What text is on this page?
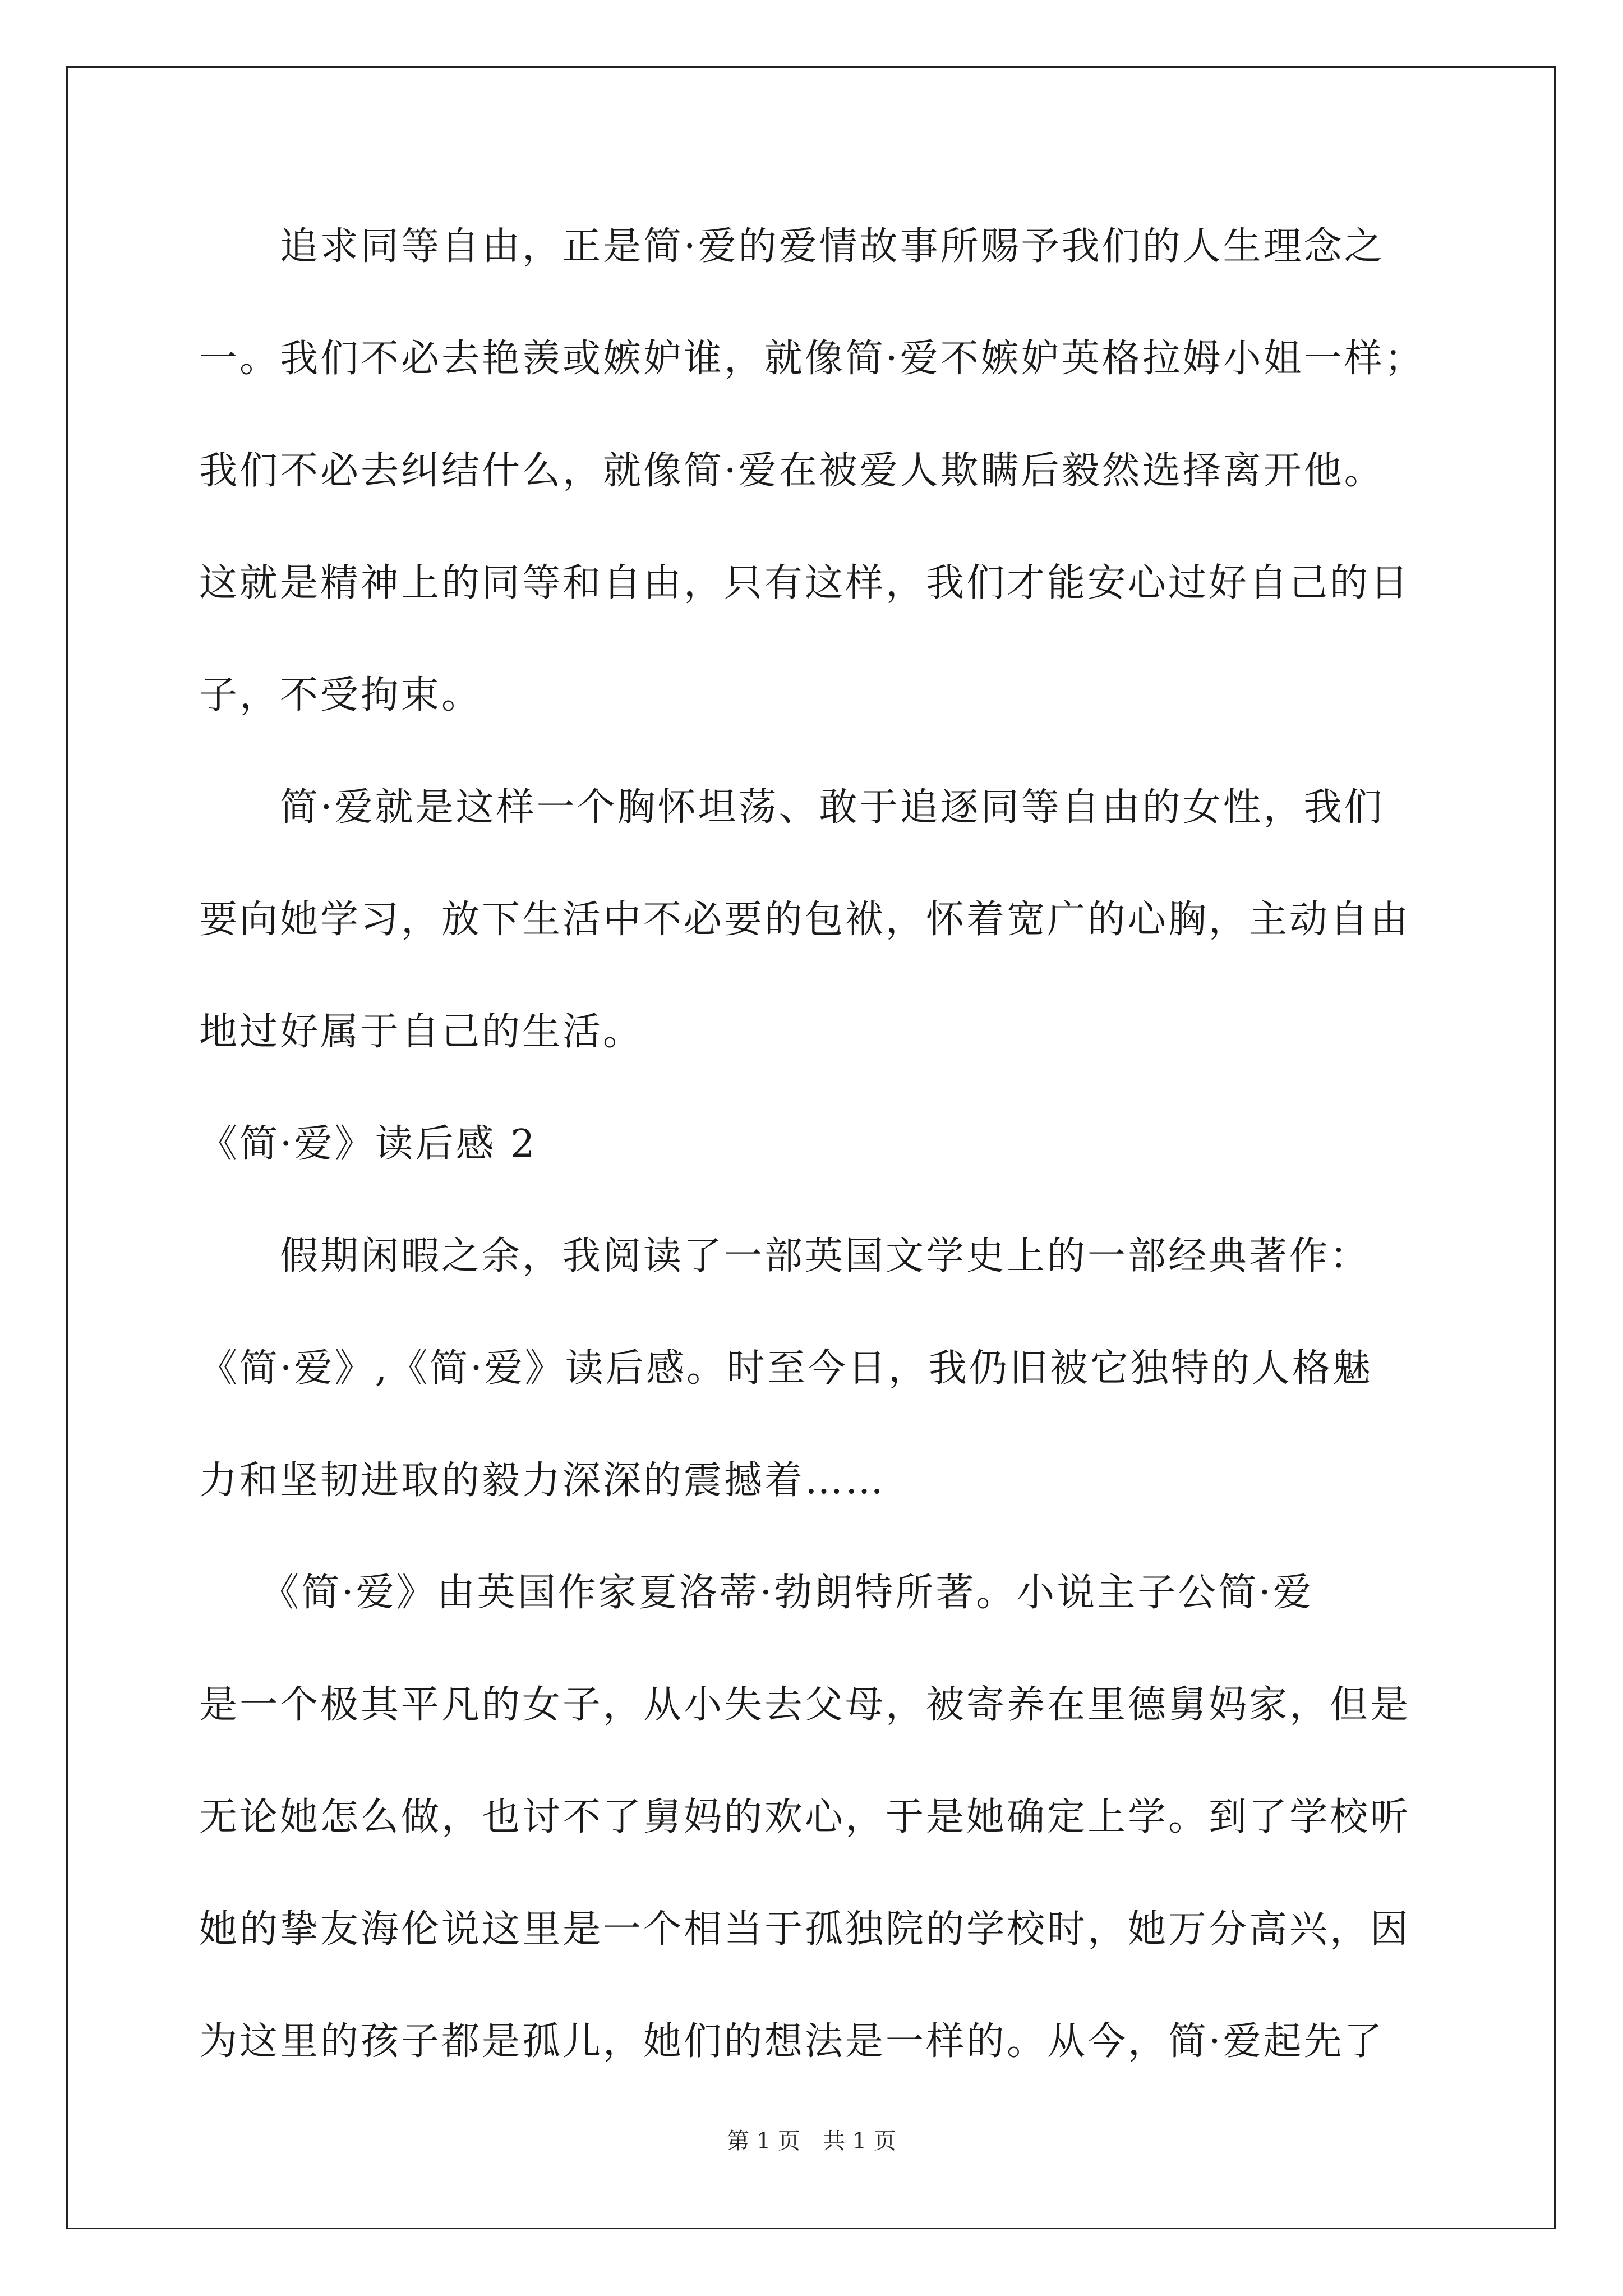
　　追求同等自由，正是简·爱的爱情故事所赐予我们的人生理念之
一。我们不必去艳羡或嫉妒谁，就像简·爱不嫉妒英格拉姆小姐一样；
我们不必去纠结什么，就像简·爱在被爱人欺瞒后毅然选择离开他。
这就是精神上的同等和自由，只有这样，我们才能安心过好自己的日
子，不受拘束。
　　简·爱就是这样一个胸怀坦荡、敢于追逐同等自由的女性，我们
要向她学习，放下生活中不必要的包袱，怀着宽广的心胸，主动自由
地过好属于自己的生活。
《简·爱》读后感 2
　　假期闲暇之余，我阅读了一部英国文学史上的一部经典著作：
《简·爱》,《简·爱》读后感。时至今日，我仍旧被它独特的人格魅
力和坚韧进取的毅力深深的震撼着……
　　《简·爱》由英国作家夏洛蒂·勃朗特所著。小说主子公简·爱
是一个极其平凡的女子，从小失去父母，被寄养在里德舅妈家，但是
无论她怎么做，也讨不了舅妈的欢心，于是她确定上学。到了学校听
她的挚友海伦说这里是一个相当于孤独院的学校时，她万分高兴，因
为这里的孩子都是孤儿，她们的想法是一样的。从今，简·爱起先了
第 1 页　共 1 页
